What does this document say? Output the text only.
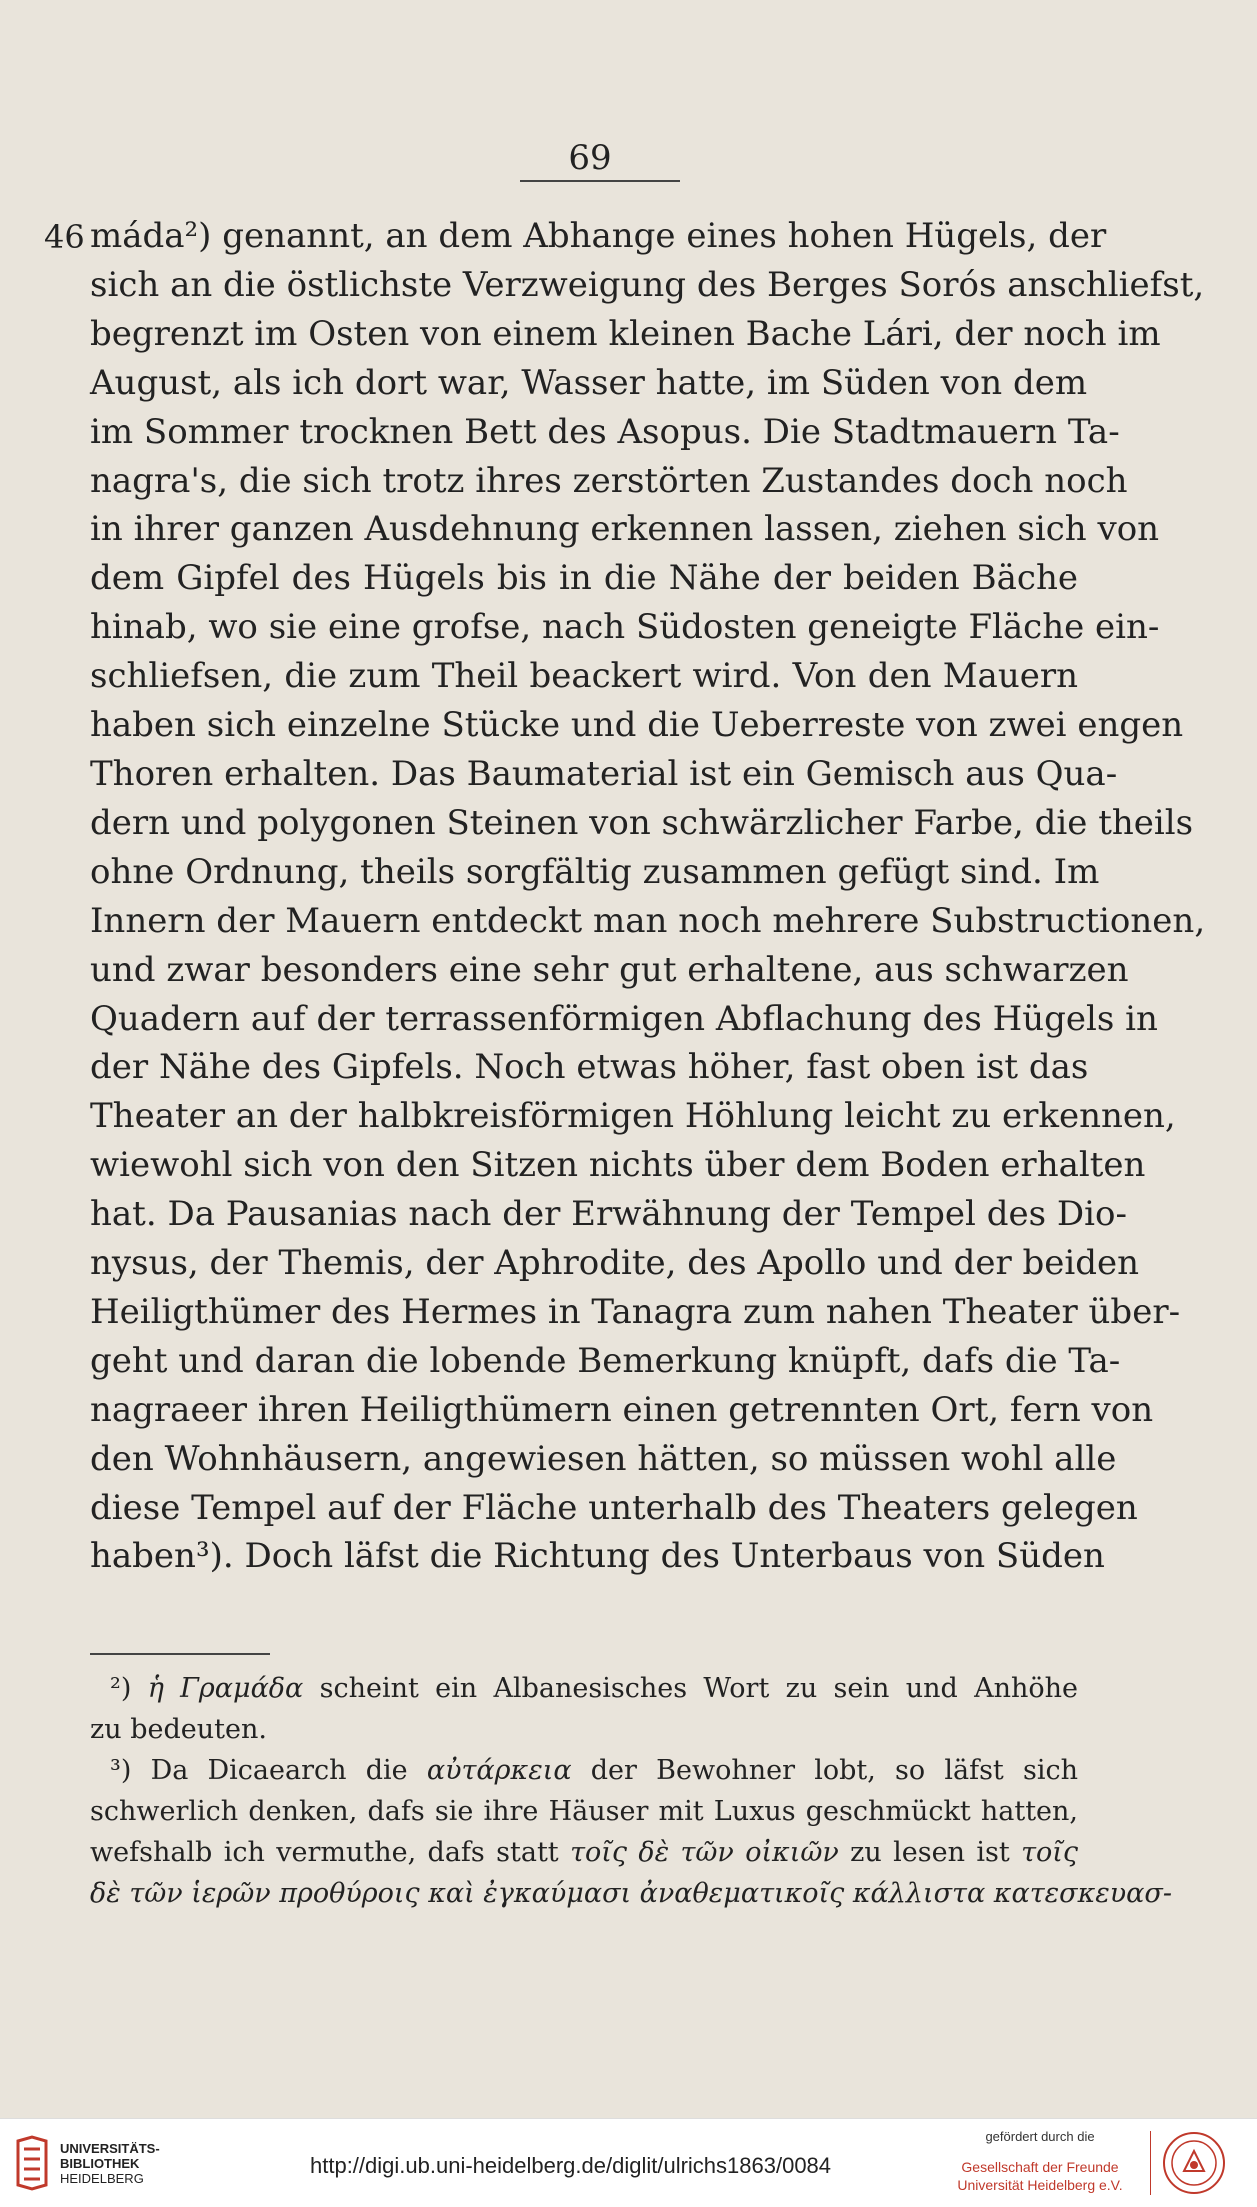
69
46 máda²) genannt, an dem Abhange eines hohen Hügels, der
sich an die östlichste Verzweigung des Berges Sorós anschliefst,
begrenzt im Osten von einem kleinen Bache Lári, der noch im
August, als ich dort war, Wasser hatte, im Süden von dem
im Sommer trocknen Bett des Asopus. Die Stadtmauern Ta-
nagra's, die sich trotz ihres zerstörten Zustandes doch noch
in ihrer ganzen Ausdehnung erkennen lassen, ziehen sich von
dem Gipfel des Hügels bis in die Nähe der beiden Bäche
hinab, wo sie eine grofse, nach Südosten geneigte Fläche ein-
schliefsen, die zum Theil beackert wird. Von den Mauern
haben sich einzelne Stücke und die Ueberreste von zwei engen
Thoren erhalten. Das Baumaterial ist ein Gemisch aus Qua-
dern und polygonen Steinen von schwärzlicher Farbe, die theils
ohne Ordnung, theils sorgfältig zusammen gefügt sind. Im
Innern der Mauern entdeckt man noch mehrere Substructionen,
und zwar besonders eine sehr gut erhaltene, aus schwarzen
Quadern auf der terrassenförmigen Abflachung des Hügels in
der Nähe des Gipfels. Noch etwas höher, fast oben ist das
Theater an der halbkreisförmigen Höhlung leicht zu erkennen,
wiewohl sich von den Sitzen nichts über dem Boden erhalten
hat. Da Pausanias nach der Erwähnung der Tempel des Dio-
nysus, der Themis, der Aphrodite, des Apollo und der beiden
Heiligthümer des Hermes in Tanagra zum nahen Theater über-
geht und daran die lobende Bemerkung knüpft, dafs die Ta-
nagraeer ihren Heiligthümern einen getrennten Ort, fern von
den Wohnhäusern, angewiesen hätten, so müssen wohl alle
diese Tempel auf der Fläche unterhalb des Theaters gelegen
haben³). Doch läfst die Richtung des Unterbaus von Süden
²) ἡ Γραμάδα scheint ein Albanesisches Wort zu sein und Anhöhe
zu bedeuten.
³) Da Dicaearch die αὐτάρκεια der Bewohner lobt, so läfst sich
schwerlich denken, dafs sie ihre Häuser mit Luxus geschmückt hatten,
wefshalb ich vermuthe, dafs statt τοῖς δὲ τῶν οἰκιῶν zu lesen ist τοῖς
δὲ τῶν ἱερῶν προθύροις καὶ ἐγκαύμασι ἀναθεματικοῖς κάλλιστα κατεσκευασ-
UNIVERSITÄTS-
BIBLIOTHEK
HEIDELBERG
http://digi.ub.uni-heidelberg.de/diglit/ulrichs1863/0084
gefördert durch die
Gesellschaft der Freunde
Universität Heidelberg e.V.
